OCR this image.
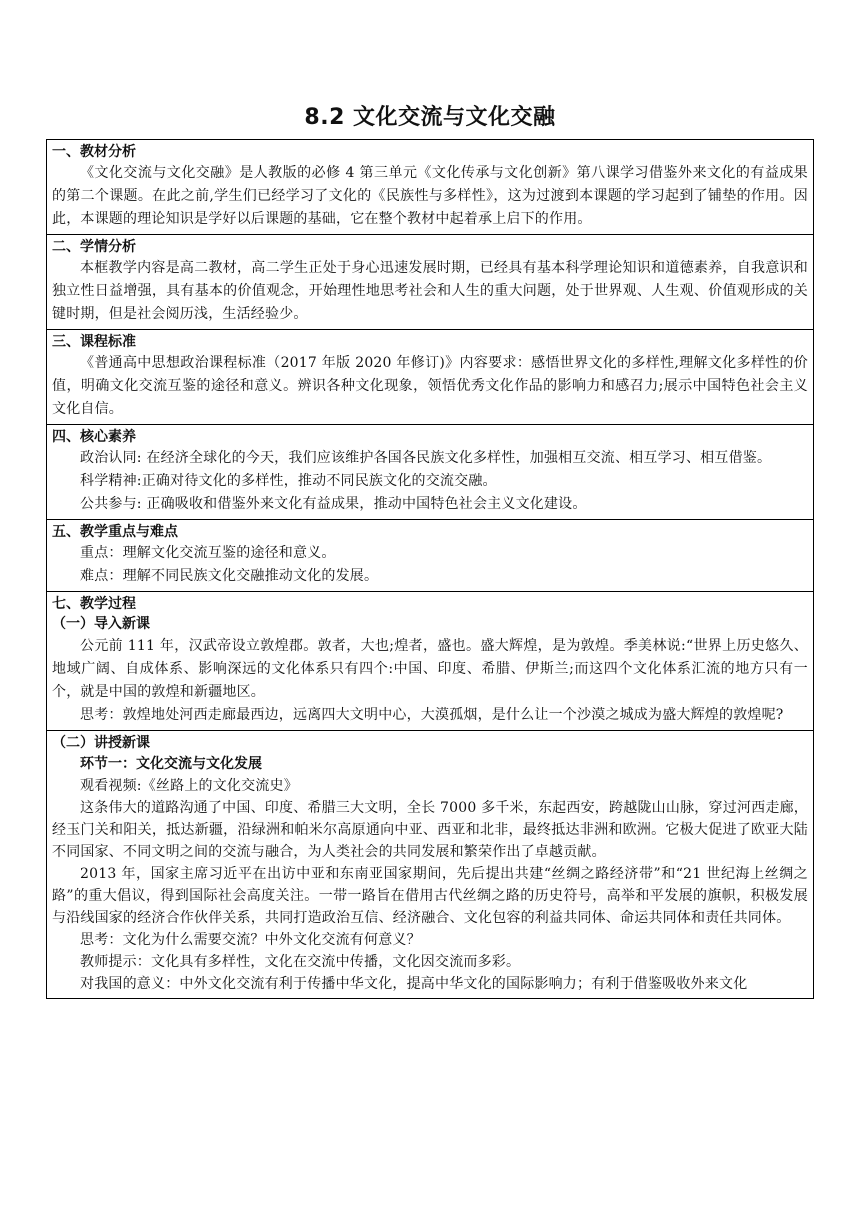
8.2 文化交流与文化交融
一、教材分析

《文化交流与文化交融》是人教版的必修 4 第三单元《文化传承与文化创新》第八课学习借鉴外来文化的有益成果的第二个课题。在此之前,学生们已经学习了文化的《民族性与多样性》，这为过渡到本课题的学习起到了铺垫的作用。因此，本课题的理论知识是学好以后课题的基础，它在整个教材中起着承上启下的作用。

二、学情分析

本框教学内容是高二教材，高二学生正处于身心迅速发展时期，已经具有基本科学理论知识和道德素养，自我意识和独立性日益增强，具有基本的价值观念，开始理性地思考社会和人生的重大问题，处于世界观、人生观、价值观形成的关键时期，但是社会阅历浅，生活经验少。

三、课程标准

《普通高中思想政治课程标准（2017 年版 2020 年修订)》内容要求：感悟世界文化的多样性,理解文化多样性的价值，明确文化交流互鉴的途径和意义。辨识各种文化现象，领悟优秀文化作品的影响力和感召力;展示中国特色社会主义文化自信。

四、核心素养

政治认同: 在经济全球化的今天，我们应该维护各国各民族文化多样性，加强相互交流、相互学习、相互借鉴。

科学精神:正确对待文化的多样性，推动不同民族文化的交流交融。

公共参与: 正确吸收和借鉴外来文化有益成果，推动中国特色社会主义文化建设。

五、教学重点与难点

重点：理解文化交流互鉴的途径和意义。

难点：理解不同民族文化交融推动文化的发展。

七、教学过程
（一）导入新课

公元前 111 年，汉武帝设立敦煌郡。敦者，大也;煌者，盛也。盛大辉煌，是为敦煌。季美林说:“世界上历史悠久、地域广阔、自成体系、影响深远的文化体系只有四个:中国、印度、希腊、伊斯兰;而这四个文化体系汇流的地方只有一个，就是中国的敦煌和新疆地区。

思考：敦煌地处河西走廊最西边，远离四大文明中心，大漠孤烟，是什么让一个沙漠之城成为盛大辉煌的敦煌呢?

（二）讲授新课
环节一：文化交流与文化发展

观看视频:《丝路上的文化交流史》

这条伟大的道路沟通了中国、印度、希腊三大文明，全长 7000 多千米，东起西安，跨越陇山山脉，穿过河西走廊，经玉门关和阳关，抵达新疆，沿绿洲和帕米尔高原通向中亚、西亚和北非，最终抵达非洲和欧洲。它极大促进了欧亚大陆不同国家、不同文明之间的交流与融合，为人类社会的共同发展和繁荣作出了卓越贡献。

2013 年，国家主席习近平在出访中亚和东南亚国家期间，先后提出共建“丝绸之路经济带”和“21 世纪海上丝绸之路”的重大倡议，得到国际社会高度关注。一带一路旨在借用古代丝绸之路的历史符号，高举和平发展的旗帜，积极发展与沿线国家的经济合作伙伴关系，共同打造政治互信、经济融合、文化包容的利益共同体、命运共同体和责任共同体。

思考：文化为什么需要交流？中外文化交流有何意义？

教师提示：文化具有多样性，文化在交流中传播，文化因交流而多彩。

对我国的意义：中外文化交流有利于传播中华文化，提高中华文化的国际影响力；有利于借鉴吸收外来文化
